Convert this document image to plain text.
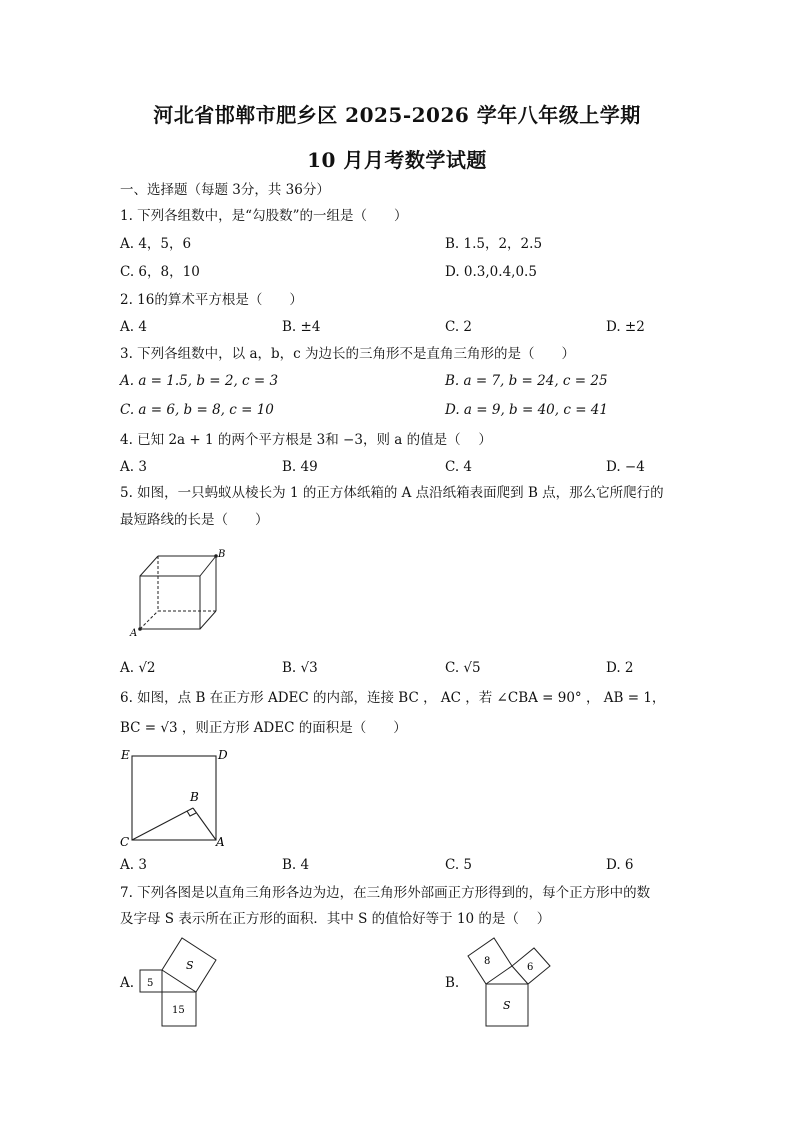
河北省邯郸市肥乡区 2025-2026 学年八年级上学期
10 月月考数学试题
一、选择题（每题 3分，共 36分）
1. 下列各组数中，是“勾股数”的一组是（　　）
A. 4，5，6	B. 1.5，2，2.5
C. 6，8，10	D. 0.3,0.4,0.5
2. 16的算术平方根是（　　）
A. 4	B. ±4	C. 2	D. ±2
3. 下列各组数中，以 a，b，c 为边长的三角形不是直角三角形的是（　　）
A. a = 1.5, b = 2, c = 3	B. a = 7, b = 24, c = 25
C. a = 6, b = 8, c = 10	D. a = 9, b = 40, c = 41
4. 已知 2a + 1 的两个平方根是 3和 −3，则 a 的值是（　 ）
A. 3	B. 49	C. 4	D. −4
5. 如图，一只蚂蚁从棱长为 1 的正方体纸箱的 A 点沿纸箱表面爬到 B 点，那么它所爬行的
最短路线的长是（　　）
A
B
A. √2	B. √3	C. √5	D. 2
6. 如图，点 B 在正方形 ADEC 的内部，连接 BC ， AC ，若 ∠CBA = 90° ， AB = 1，
BC = √3 ，则正方形 ADEC 的面积是（　　）
E	D
B
C	A
A. 3	B. 4	C. 5	D. 6
7. 下列各图是以直角三角形各边为边，在三角形外部画正方形得到的，每个正方形中的数
及字母 S 表示所在正方形的面积．其中 S 的值恰好等于 10 的是（　 ）
A. 5
15
S
B.
8
6
S
